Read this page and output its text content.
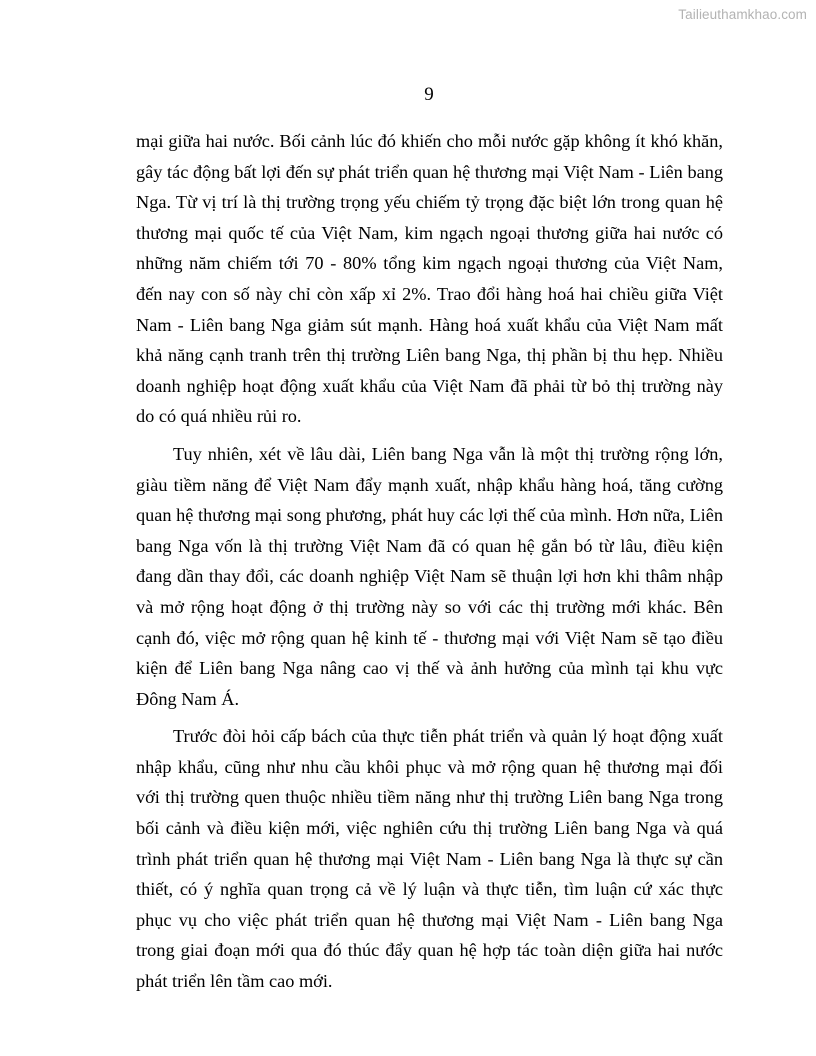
Tailieuthamkhao.com
9

mại giữa hai nước. Bối cảnh lúc đó khiến cho mỗi nước gặp không ít khó khăn, gây tác động bất lợi đến sự phát triển quan hệ thương mại Việt Nam - Liên bang Nga. Từ vị trí là thị trường trọng yếu chiếm tỷ trọng đặc biệt lớn trong quan hệ thương mại quốc tế của Việt Nam, kim ngạch ngoại thương giữa hai nước có những năm chiếm tới 70 - 80% tổng kim ngạch ngoại thương của Việt Nam, đến nay con số này chỉ còn xấp xỉ 2%. Trao đổi hàng hoá hai chiều giữa Việt Nam - Liên bang Nga giảm sút mạnh. Hàng hoá xuất khẩu của Việt Nam mất khả năng cạnh tranh trên thị trường Liên bang Nga, thị phần bị thu hẹp. Nhiều doanh nghiệp hoạt động xuất khẩu của Việt Nam đã phải từ bỏ thị trường này do có quá nhiều rủi ro.

Tuy nhiên, xét về lâu dài, Liên bang Nga vẫn là một thị trường rộng lớn, giàu tiềm năng để Việt Nam đẩy mạnh xuất, nhập khẩu hàng hoá, tăng cường quan hệ thương mại song phương, phát huy các lợi thế của mình. Hơn nữa, Liên bang Nga vốn là thị trường Việt Nam đã có quan hệ gắn bó từ lâu, điều kiện đang dần thay đổi, các doanh nghiệp Việt Nam sẽ thuận lợi hơn khi thâm nhập và mở rộng hoạt động ở thị trường này so với các thị trường mới khác. Bên cạnh đó, việc mở rộng quan hệ kinh tế - thương mại với Việt Nam sẽ tạo điều kiện để Liên bang Nga nâng cao vị thế và ảnh hưởng của mình tại khu vực Đông Nam Á.

Trước đòi hỏi cấp bách của thực tiễn phát triển và quản lý hoạt động xuất nhập khẩu, cũng như nhu cầu khôi phục và mở rộng quan hệ thương mại đối với thị trường quen thuộc nhiều tiềm năng như thị trường Liên bang Nga trong bối cảnh và điều kiện mới, việc nghiên cứu thị trường Liên bang Nga và quá trình phát triển quan hệ thương mại Việt Nam - Liên bang Nga là thực sự cần thiết, có ý nghĩa quan trọng cả về lý luận và thực tiễn, tìm luận cứ xác thực phục vụ cho việc phát triển quan hệ thương mại Việt Nam - Liên bang Nga trong giai đoạn mới qua đó thúc đẩy quan hệ hợp tác toàn diện giữa hai nước phát triển lên tầm cao mới.
